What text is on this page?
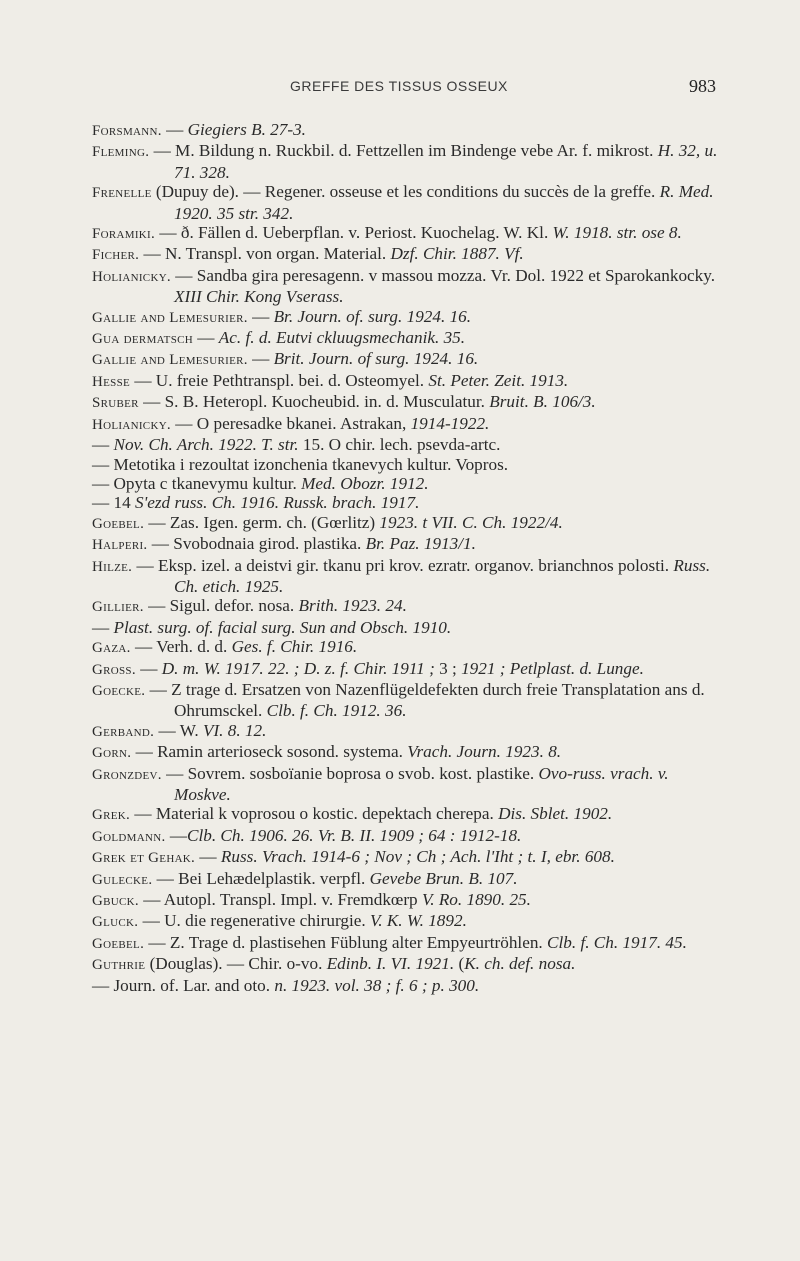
GREFFE DES TISSUS OSSEUX	983

Forsmann. — Giegiers B. 27-3.

Fleming. — M. Bildung n. Ruckbil. d. Fettzellen im Bindenge vebe Ar. f. mikrost. H. 32, u. 71. 328.

Frenelle (Dupuy de). — Regener. osseuse et les conditions du succès de la greffe. R. Med. 1920. 35 str. 342.

Foramiki. — ð. Fällen d. Ueberpflan. v. Periost. Kuochelag. W. Kl. W. 1918. str. ose 8.

Ficher. — N. Transpl. von organ. Material. Dzf. Chir. 1887. Vf.

Holianicky. — Sandba gira peresagenn. v massou mozza. Vr. Dol. 1922 et Sparokankocky. XIII Chir. Kong Vserass.

Gallie and Lemesurier. — Br. Journ. of. surg. 1924. 16.

Gua dermatsch — Ac. f. d. Eutvi ckluugsmechanik. 35.

Gallie and Lemesurier. — Brit. Journ. of surg. 1924. 16.

Hesse — U. freie Pethtranspl. bei. d. Osteomyel. St. Peter. Zeit. 1913.

Sruber — S. B. Heteropl. Kuocheubid. in. d. Musculatur. Bruit. B. 106/3.

Holianicky. — O peresadke bkanei. Astrakan, 1914-1922.

— Nov. Ch. Arch. 1922. T. str. 15. O chir. lech. psevda-artc.

— Metotika i rezoultat izonchenia tkanevych kultur. Vopros.

— Opyta c tkanevymu kultur. Med. Obozr. 1912.

— 14 S'ezd russ. Ch. 1916. Russk. brach. 1917.

Goebel. — Zas. Igen. germ. ch. (Gœrlitz) 1923. t VII. C. Ch. 1922/4.

Halperi. — Svobodnaia girod. plastika. Br. Paz. 1913/1.

Hilze. — Eksp. izel. a deistvi gir. tkanu pri krov. ezratr. organov. brianchnos polosti. Russ. Ch. etich. 1925.

Gillier. — Sigul. defor. nosa. Brith. 1923. 24.

— Plast. surg. of. facial surg. Sun and Obsch. 1910.

Gaza. — Verh. d. d. Ges. f. Chir. 1916.

Gross. — D. m. W. 1917. 22. ; D. z. f. Chir. 1911 ; 3 ; 1921 ; Petlplast. d. Lunge.

Goecke. — Z trage d. Ersatzen von Nazenflügeldefekten durch freie Transplatation ans d. Ohrumsckel. Clb. f. Ch. 1912. 36.

Gerband. — W. VI. 8. 12.

Gorn. — Ramin arterioseck sosond. systema. Vrach. Journ. 1923. 8.

Gronzdev. — Sovrem. sosboïanie boprosa o svob. kost. plastike. Ovo-russ. vrach. v. Moskve.

Grek. — Material k voprosou o kostic. depektach cherepa. Dis. Sblet. 1902.

Goldmann. —Clb. Ch. 1906. 26. Vr. B. II. 1909 ; 64 : 1912-18.

Grek et Gehak. — Russ. Vrach. 1914-6 ; Nov ; Ch ; Ach. l'Iht ; t. I, ebr. 608.

Gulecke. — Bei Lehædelplastik. verpfl. Gevebe Brun. B. 107.

Gbuck. — Autopl. Transpl. Impl. v. Fremdkœrp V. Ro. 1890. 25.

Gluck. — U. die regenerative chirurgie. V. K. W. 1892.

Goebel. — Z. Trage d. plastisehen Füblung alter Empyeurtröhlen. Clb. f. Ch. 1917. 45.

Guthrie (Douglas). — Chir. o-vo. Edinb. I. VI. 1921. (K. ch. def. nosa.

— Journ. of. Lar. and oto. n. 1923. vol. 38 ; f. 6 ; p. 300.
